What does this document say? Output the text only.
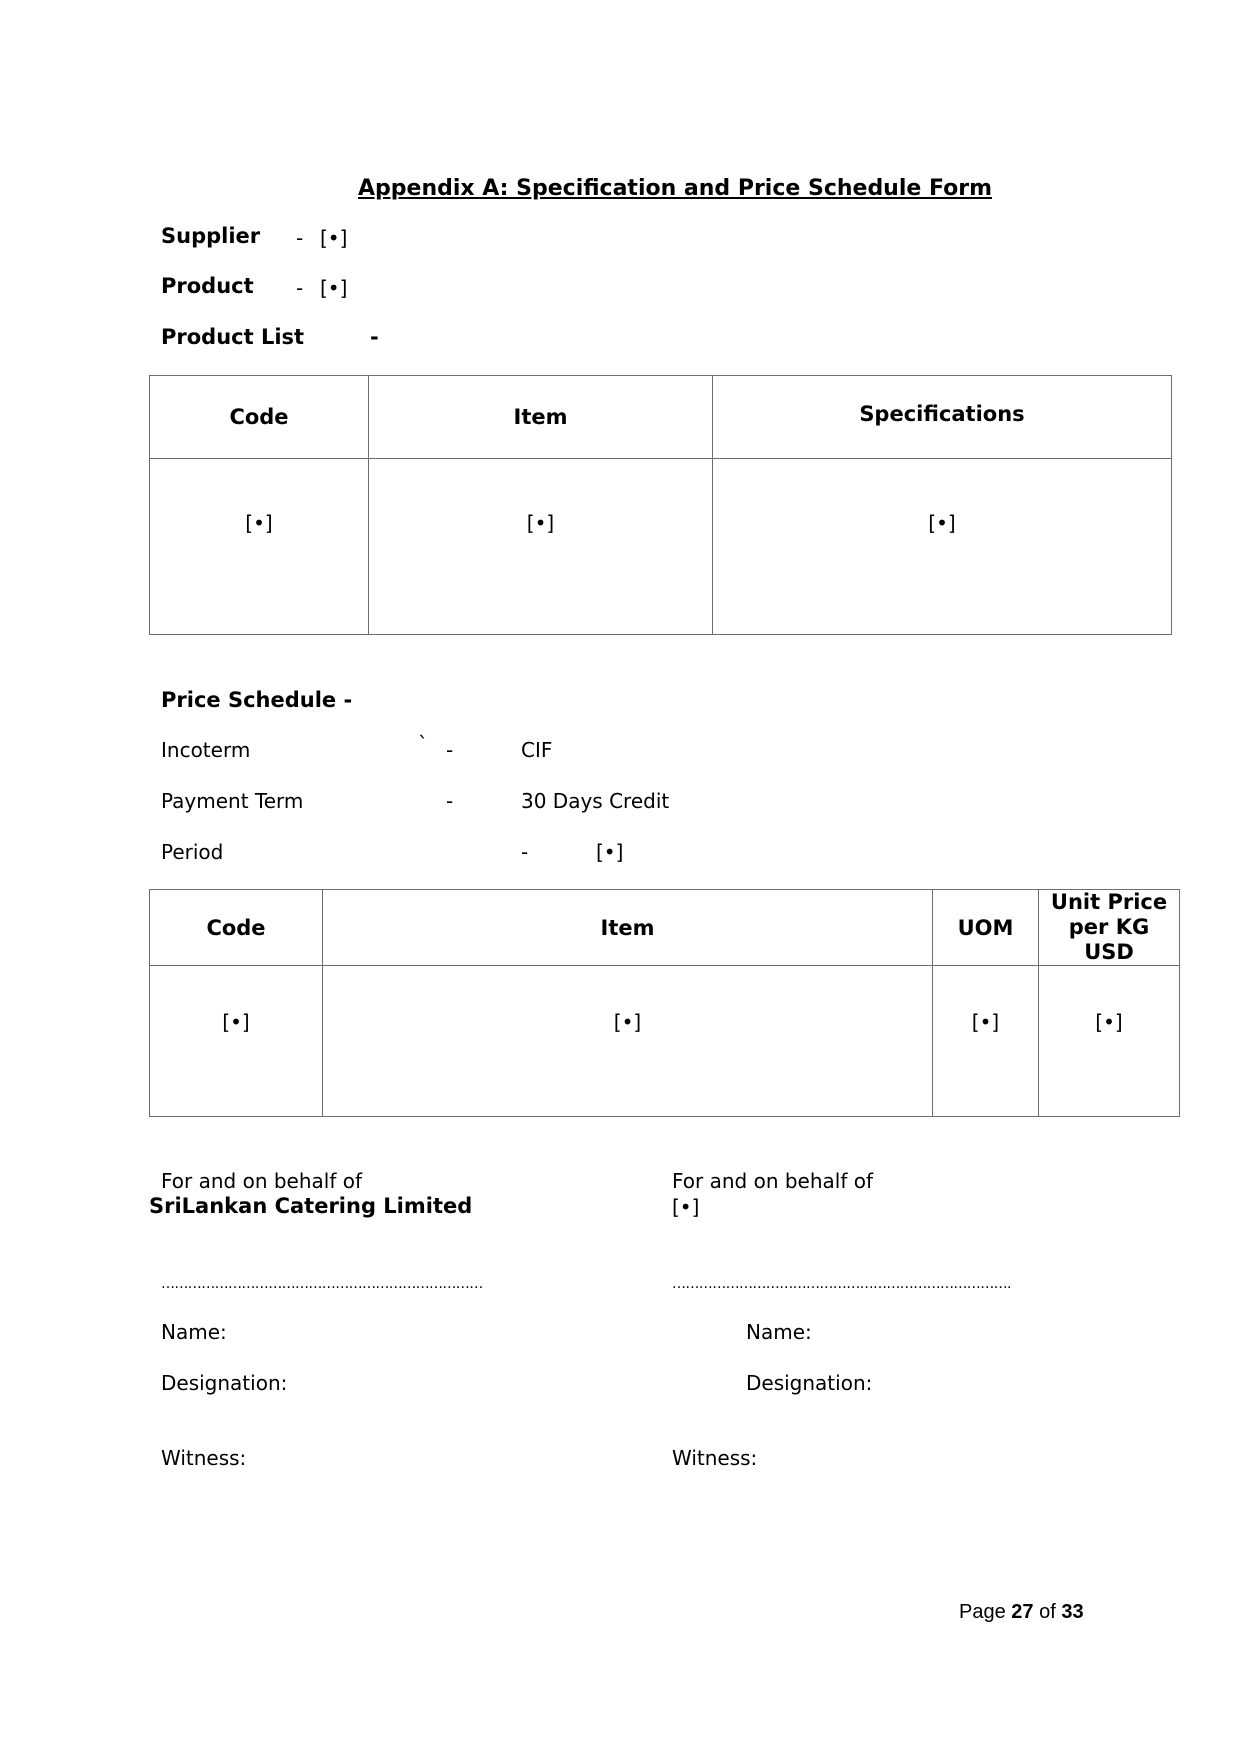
Appendix A: Specification and Price Schedule Form
Supplier - [•]
Product - [•]
Product List	-
Code	Item	Specifications
[•]	[•]	[•]
Price Schedule -
Incoterm	` -	CIF
Payment Term	-	30 Days Credit
Period	-	[•]
Code	Item	UOM	Unit Price per KG USD
[•]	[•]	[•]	[•]
For and on behalf of
SriLankan Catering Limited
………………………………………………………………
Name:
Designation:
Witness:
For and on behalf of
[•]
………………………………………………………………….
Name:
Designation:
Witness:
Page 27 of 33
